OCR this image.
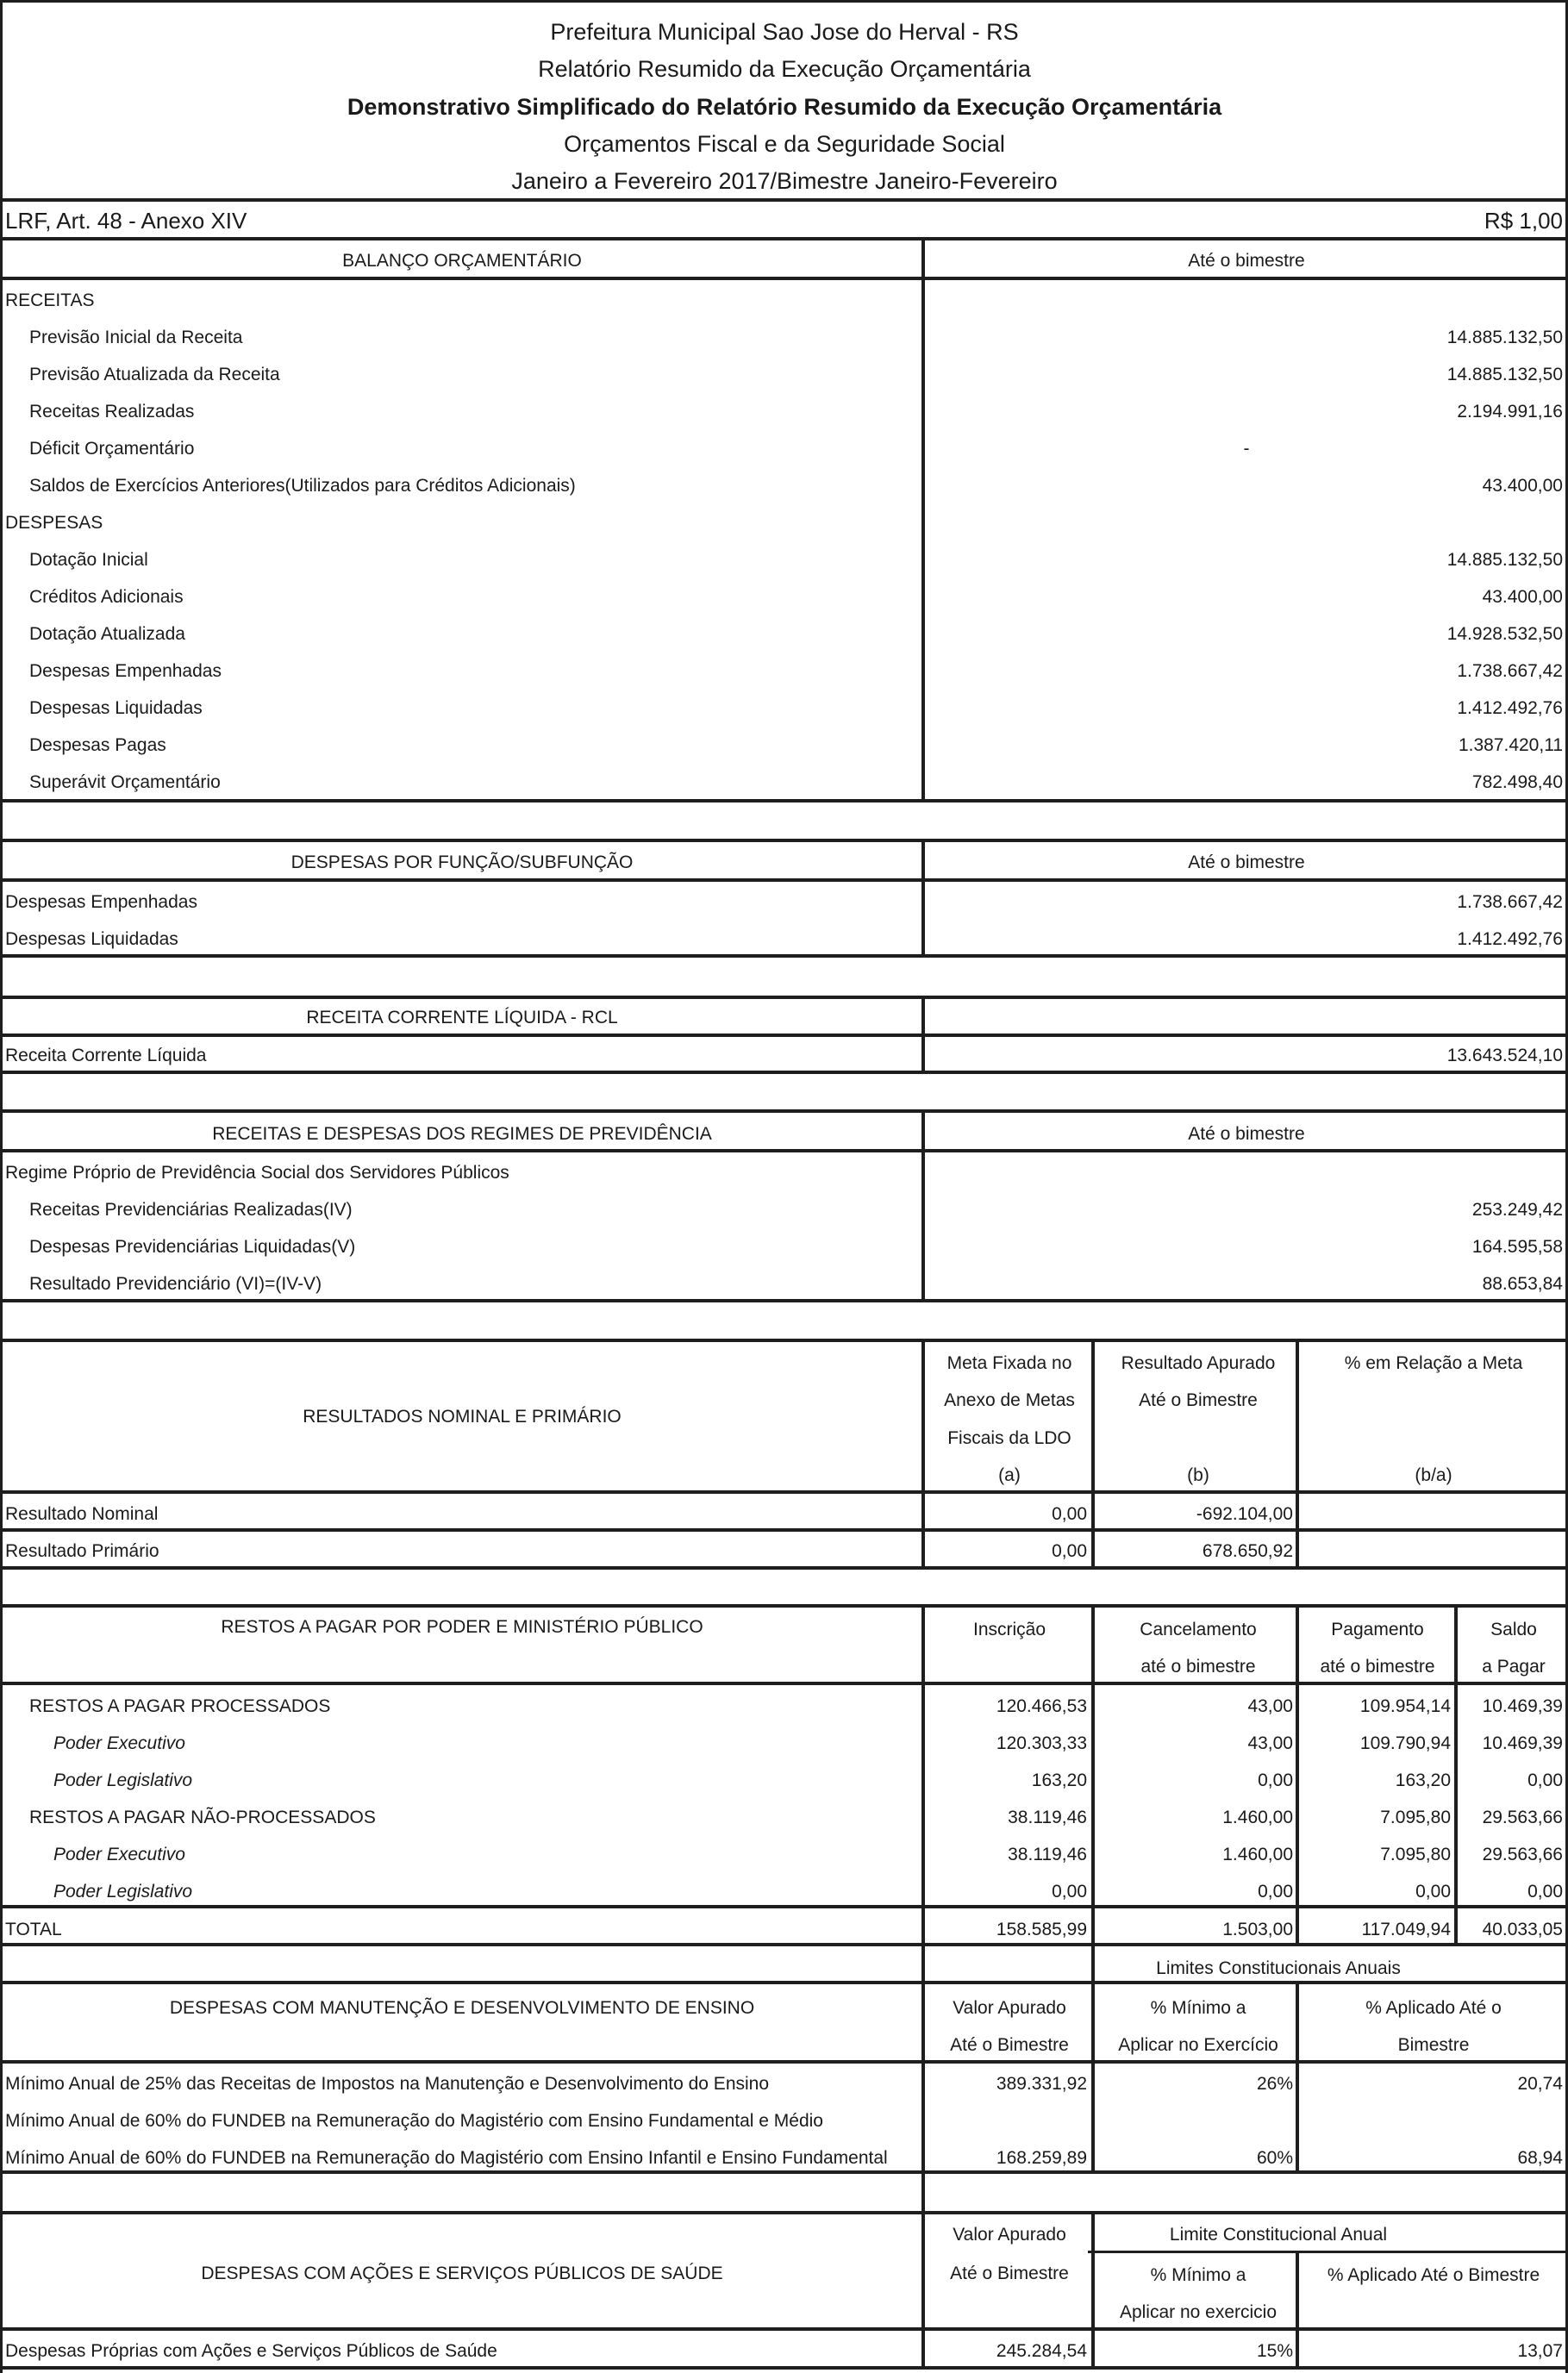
Prefeitura Municipal Sao Jose do Herval - RS
Relatório Resumido da Execução Orçamentária
Demonstrativo Simplificado do Relatório Resumido da Execução Orçamentária
Orçamentos Fiscal e da Seguridade Social
Janeiro a Fevereiro 2017/Bimestre Janeiro-Fevereiro
LRF, Art. 48 - Anexo XIV	R$ 1,00
BALANÇO ORÇAMENTÁRIO	Até o bimestre
RECEITAS
Previsão Inicial da Receita	14.885.132,50
Previsão Atualizada da Receita	14.885.132,50
Receitas Realizadas	2.194.991,16
Déficit Orçamentário	-
Saldos de Exercícios Anteriores(Utilizados para Créditos Adicionais)	43.400,00
DESPESAS
Dotação Inicial	14.885.132,50
Créditos Adicionais	43.400,00
Dotação Atualizada	14.928.532,50
Despesas Empenhadas	1.738.667,42
Despesas Liquidadas	1.412.492,76
Despesas Pagas	1.387.420,11
Superávit Orçamentário	782.498,40
DESPESAS POR FUNÇÃO/SUBFUNÇÃO	Até o bimestre
Despesas Empenhadas	1.738.667,42
Despesas Liquidadas	1.412.492,76
RECEITA CORRENTE LÍQUIDA - RCL
Receita Corrente Líquida	13.643.524,10
RECEITAS E DESPESAS DOS REGIMES DE PREVIDÊNCIA	Até o bimestre
Regime Próprio de Previdência Social dos Servidores Públicos
Receitas Previdenciárias Realizadas(IV)	253.249,42
Despesas Previdenciárias Liquidadas(V)	164.595,58
Resultado Previdenciário (VI)=(IV-V)	88.653,84
RESULTADOS NOMINAL E PRIMÁRIO
Meta Fixada no
Anexo de Metas
Fiscais da LDO
(a)
Resultado Apurado
Até o Bimestre
(b)
% em Relação a Meta
(b/a)
Resultado Nominal	0,00	-692.104,00
Resultado Primário	0,00	678.650,92
RESTOS A PAGAR POR PODER E MINISTÉRIO PÚBLICO	Inscrição	Cancelamento
até o bimestre
Pagamento
até o bimestre
Saldo
a Pagar
RESTOS A PAGAR PROCESSADOS	120.466,53	43,00	109.954,14 10.469,39
Poder Executivo	120.303,33	43,00	109.790,94 10.469,39
Poder Legislativo	163,20	0,00	163,20	0,00
RESTOS A PAGAR NÃO-PROCESSADOS	38.119,46	1.460,00	7.095,80 29.563,66
Poder Executivo	38.119,46	1.460,00	7.095,80 29.563,66
Poder Legislativo	0,00	0,00	0,00	0,00
TOTAL	158.585,99	1.503,00	117.049,94 40.033,05
Limites Constitucionais Anuais
DESPESAS COM MANUTENÇÃO E DESENVOLVIMENTO DE ENSINO	Valor Apurado
Até o Bimestre
% Mínimo a
Aplicar no Exercício
% Aplicado Até o
Bimestre
Mínimo Anual de 25% das Receitas de Impostos na Manutenção e Desenvolvimento do Ensino	389.331,92	26%	20,74
Mínimo Anual de 60% do FUNDEB na Remuneração do Magistério com Ensino Fundamental e Médio
Mínimo Anual de 60% do FUNDEB na Remuneração do Magistério com Ensino Infantil e Ensino Fundamental	168.259,89	60%	68,94
Valor Apurado	Limite Constitucional Anual
DESPESAS COM AÇÕES E SERVIÇOS PÚBLICOS DE SAÚDE	Até o Bimestre	% Mínimo a
Aplicar no exercicio
% Aplicado Até o Bimestre
Despesas Próprias com Ações e Serviços Públicos de Saúde	245.284,54	15%	13,07
